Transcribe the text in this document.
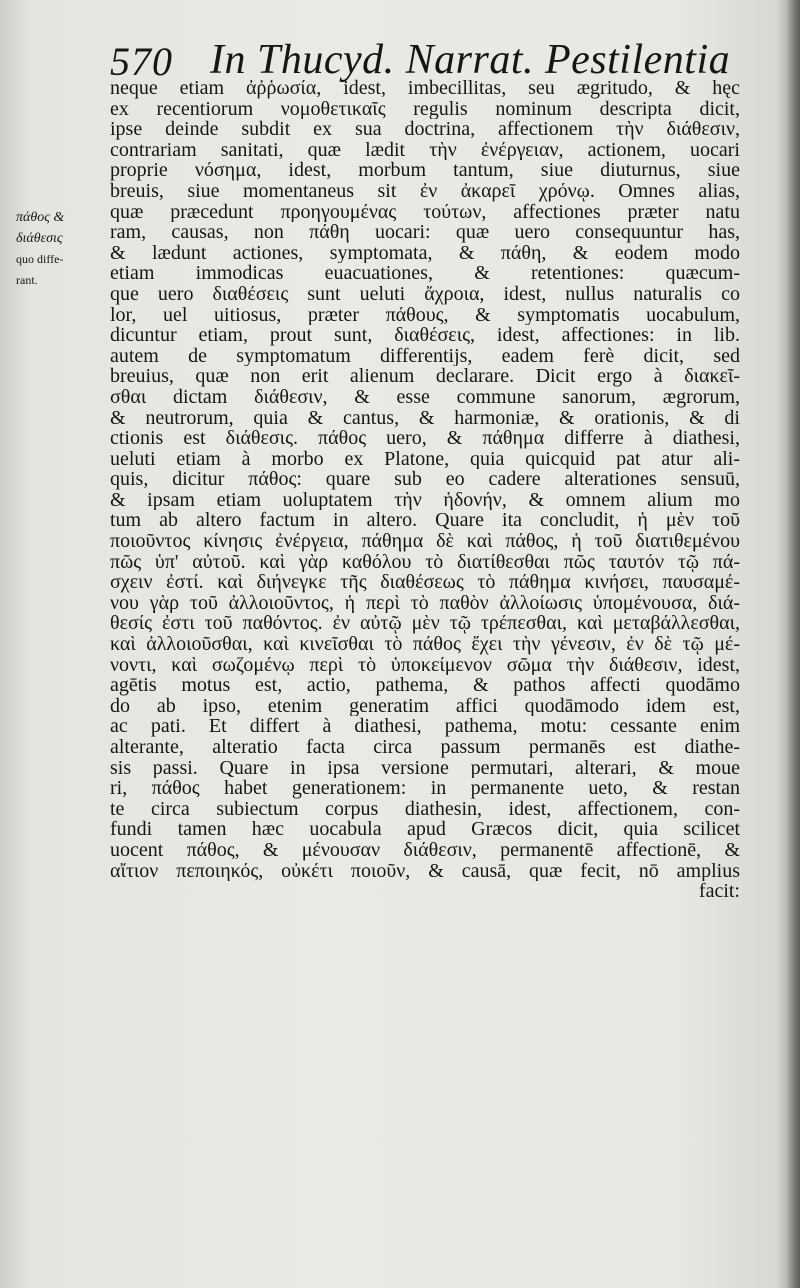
570 In Thucyd. Narrat. Pestilentia
πάθος &
διάθεσις
quo diffe-
rant.
neque etiam ἀῤῥωσία, idest, imbecillitas, seu ægritudo, & hęc
ex recentiorum νομοθετικαῖς regulis nominum descripta dicit,
ipse deinde subdit ex sua doctrina, affectionem τὴν διάθεσιν,
contrariam sanitati, quæ lædit τὴν ἐνέργειαν, actionem, uocari
proprie νόσημα, idest, morbum tantum, siue diuturnus, siue
breuis, siue momentaneus sit ἐν ἀκαρεῖ χρόνῳ. Omnes alias,
quæ præcedunt προηγουμένας τούτων, affectiones præter natu
ram, causas, non πάθη uocari: quæ uero consequuntur has,
& lædunt actiones, symptomata, & πάθη, & eodem modo
etiam immodicas euacuationes, & retentiones: quæcum-
que uero διαθέσεις sunt ueluti ἄχροια, idest, nullus naturalis co
lor, uel uitiosus, præter πάθους, & symptomatis uocabulum,
dicuntur etiam, prout sunt, διαθέσεις, idest, affectiones: in lib.
autem de symptomatum differentijs, eadem ferè dicit, sed
breuius, quæ non erit alienum declarare. Dicit ergo à διακεῖ-
σθαι dictam διάθεσιν, & esse commune sanorum, ægrorum,
& neutrorum, quia & cantus, & harmoniæ, & orationis, & di
ctionis est διάθεσις. πάθος uero, & πάθημα differre à diathesi,
ueluti etiam à morbo ex Platone, quia quicquid pat atur ali-
quis, dicitur πάθος: quare sub eo cadere alterationes sensuū,
& ipsam etiam uoluptatem τὴν ἡδονήν, & omnem alium mo
tum ab altero factum in altero. Quare ita concludit, ἡ μὲν τοῦ
ποιοῦντος κίνησις ἐνέργεια, πάθημα δὲ καὶ πάθος, ἡ τοῦ διατιθεμένου
πῶς ὑπ' αὐτοῦ. καὶ γὰρ καθόλου τὸ διατίθεσθαι πῶς ταυτόν τῷ πά-
σχειν ἐστί. καὶ διήνεγκε τῆς διαθέσεως τὸ πάθημα κινήσει, παυσαμέ-
νου γὰρ τοῦ ἀλλοιοῦντος, ἡ περὶ τὸ παθὸν ἀλλοίωσις ὑπομένουσα, διά-
θεσίς ἐστι τοῦ παθόντος. ἐν αὐτῷ μὲν τῷ τρέπεσθαι, καὶ μεταβάλλεσθαι,
καὶ ἀλλοιοῦσθαι, καὶ κινεῖσθαι τὸ πάθος ἔχει τὴν γένεσιν, ἐν δὲ τῷ μέ-
νοντι, καὶ σωζομένῳ περὶ τὸ ὑποκείμενον σῶμα τὴν διάθεσιν, idest,
agētis motus est, actio, pathema, & pathos affecti quodāmo
do ab ipso, etenim generatim affici quodāmodo idem est,
ac pati. Et differt à diathesi, pathema, motu: cessante enim
alterante, alteratio facta circa passum permanēs est diathe-
sis passi. Quare in ipsa versione permutari, alterari, & moue
ri, πάθος habet generationem: in permanente ueto, & restan
te circa subiectum corpus diathesin, idest, affectionem, con-
fundi tamen hæc uocabula apud Græcos dicit, quia scilicet
uocent πάθος, & μένουσαν διάθεσιν, permanentē affectionē, &
αἴτιον πεποιηκός, οὐκέτι ποιοῦν, & causā, quæ fecit, nō amplius
facit:
